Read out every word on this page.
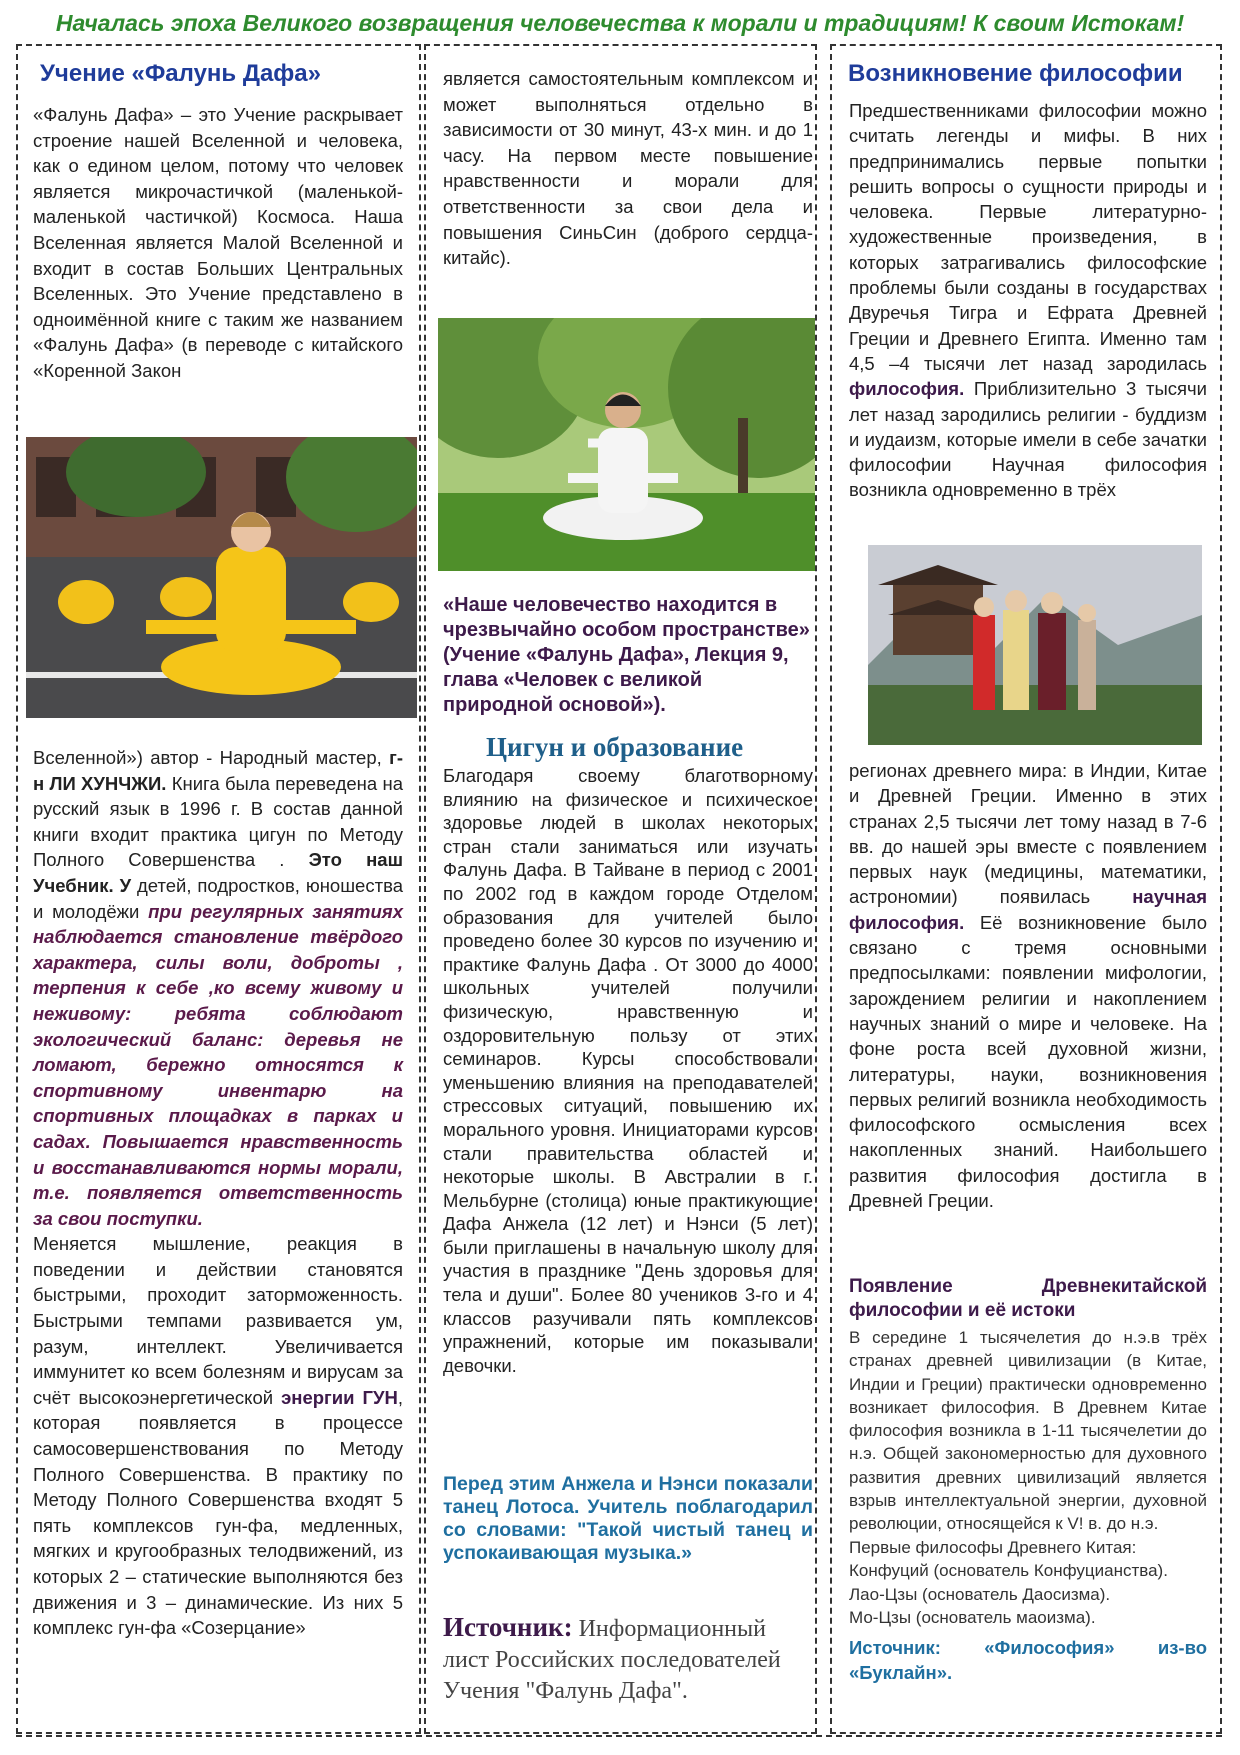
Началась эпоха Великого возвращения человечества к морали и традициям! К своим Истокам!
Учение «Фалунь Дафа»
«Фалунь Дафа» – это Учение раскрывает строение нашей Вселенной и человека, как о едином целом, потому что человек является микрочастичкой (маленькой-маленькой частичкой) Космоса. Наша Вселенная является Малой Вселенной и входит в состав Больших Центральных Вселенных. Это Учение представлено в одноимённой книге с таким же названием «Фалунь Дафа» (в переводе с китайского «Коренной Закон
Вселенной») автор - Народный мастер, г-н ЛИ ХУНЧЖИ. Книга была переведена на русский язык в 1996 г. В состав данной книги входит практика цигун по Методу Полного Совершенства . Это наш Учебник. У детей, подростков, юношества и молодёжи при регулярных занятиях наблюдается становление твёрдого характера, силы воли, доброты , терпения к себе ,ко всему живому и неживому: ребята соблюдают экологический баланс: деревья не ломают, бережно относятся к спортивному инвентарю на спортивных площадках в парках и садах. Повышается нравственность и восстанавливаются нормы морали, т.е. появляется ответственность за свои поступки.
Меняется мышление, реакция в поведении и действии становятся быстрыми, проходит заторможенность. Быстрыми темпами развивается ум, разум, интеллект. Увеличивается иммунитет ко всем болезням и вирусам за счёт высокоэнергетической энергии ГУН, которая появляется в процессе самосовершенствования по Методу Полного Совершенства. В практику по Методу Полного Совершенства входят 5 пять комплексов гун-фа, медленных, мягких и кругообразных телодвижений, из которых 2 – статические выполняются без движения и 3 – динамические. Из них 5 комплекс гун-фа «Созерцание»
является самостоятельным комплексом и может выполняться отдельно в зависимости от 30 минут, 43-х мин. и до 1 часу. На первом месте повышение нравственности и морали для ответственности за свои дела и повышения СиньСин (доброго сердца-китайс).
«Наше человечество находится в чрезвычайно особом пространстве» (Учение «Фалунь Дафа», Лекция 9, глава «Человек с великой природной основой»).
Цигун и образование
Благодаря своему благотворному влиянию на физическое и психическое здоровье людей в школах некоторых стран стали заниматься или изучать Фалунь Дафа. В Тайване в период с 2001 по 2002 год в каждом городе Отделом образования для учителей было проведено более 30 курсов по изучению и практике Фалунь Дафа . От 3000 до 4000 школьных учителей получили физическую, нравственную и оздоровительную пользу от этих семинаров. Курсы способствовали уменьшению влияния на преподавателей стрессовых ситуаций, повышению их морального уровня. Инициаторами курсов стали правительства областей и некоторые школы. В Австралии в г. Мельбурне (столица) юные практикующие Дафа Анжела (12 лет) и Нэнси (5 лет) были приглашены в начальную школу для участия в празднике "День здоровья для тела и души". Более 80 учеников 3-го и 4 классов разучивали пять комплексов упражнений, которые им показывали девочки.
Перед этим Анжела и Нэнси показали танец Лотоса. Учитель поблагодарил со словами: "Такой чистый танец и успокаивающая музыка.»
Источник: Информационный лист Российских последователей Учения "Фалунь Дафа".
Возникновение философии
Предшественниками философии можно считать легенды и мифы. В них предпринимались первые попытки решить вопросы о сущности природы и человека. Первые литературно-художественные произведения, в которых затрагивались философские проблемы были созданы в государствах Двуречья Тигра и Ефрата Древней Греции и Древнего Египта. Именно там 4,5 –4 тысячи лет назад зародилась философия. Приблизительно 3 тысячи лет назад зародились религии - буддизм и иудаизм, которые имели в себе зачатки философии Научная философия возникла одновременно в трёх
регионах древнего мира: в Индии, Китае и Древней Греции. Именно в этих странах 2,5 тысячи лет тому назад в 7-6 вв. до нашей эры вместе с появлением первых наук (медицины, математики, астрономии) появилась научная философия. Её возникновение было связано с тремя основными предпосылками: появлении мифологии, зарождением религии и накоплением научных знаний о мире и человеке. На фоне роста всей духовной жизни, литературы, науки, возникновения первых религий возникла необходимость философского осмысления всех накопленных знаний. Наибольшего развития философия достигла в Древней Греции.
Появление Древнекитайской философии и её истоки
В середине 1 тысячелетия до н.э.в трёх странах древней цивилизации (в Китае, Индии и Греции) практически одновременно возникает философия. В Древнем Китае философия возникла в 1-11 тысячелетии до н.э. Общей закономерностью для духовного развития древних цивилизаций является взрыв интеллектуальной энергии, духовной революции, относящейся к V! в. до н.э.
Первые философы Древнего Китая:
Конфуций (основатель Конфуцианства).
Лао-Цзы (основатель Даосизма).
Мо-Цзы (основатель маоизма).
Источник: «Философия» из-во «Буклайн».
